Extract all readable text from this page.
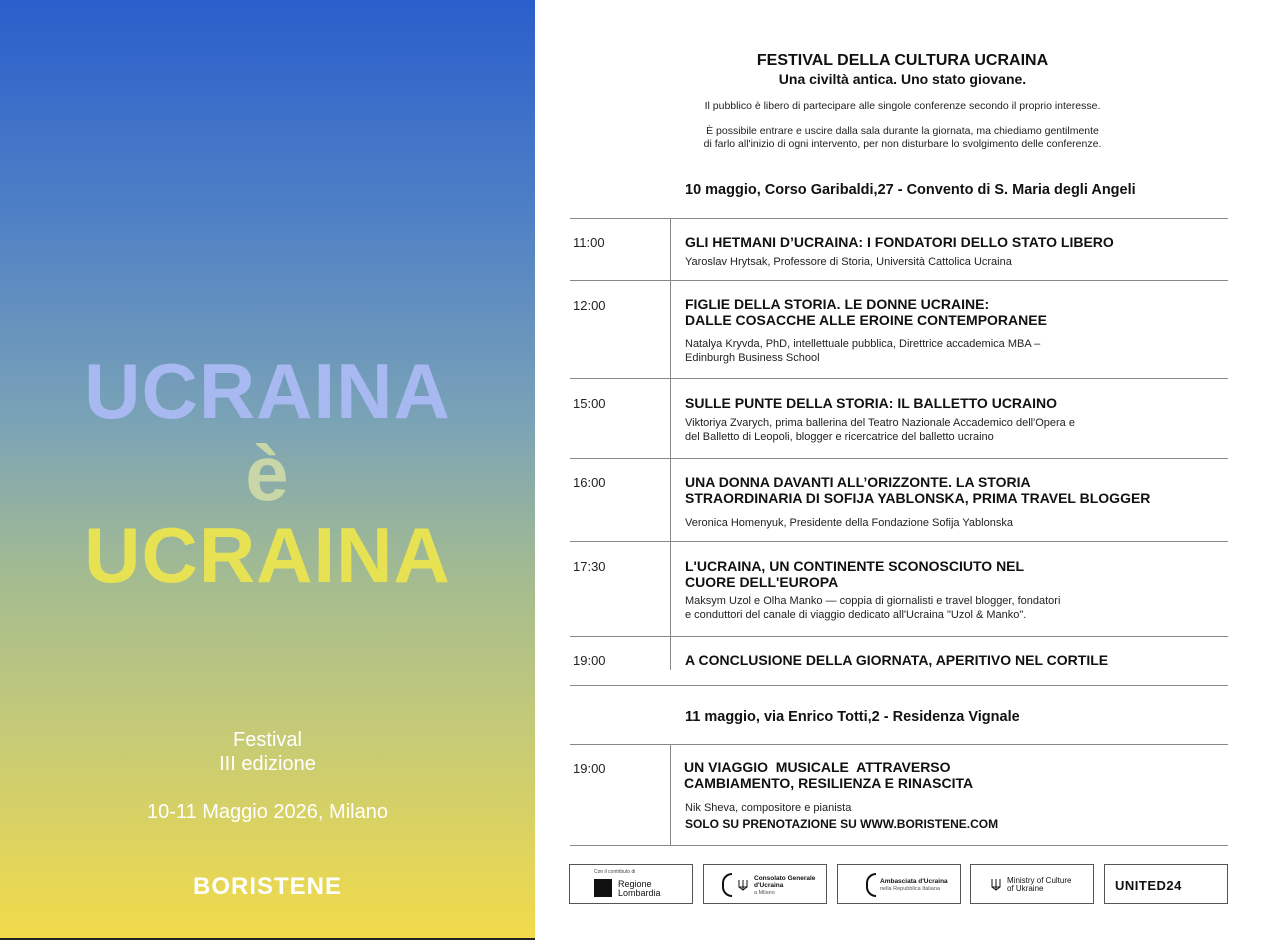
UCRAINA
è
UCRAINA
Festival
III edizione
10-11 Maggio 2026, Milano
BORISTENE
FESTIVAL DELLA CULTURA UCRAINA
Una civiltà antica. Uno stato giovane.
Il pubblico è libero di partecipare alle singole conferenze secondo il proprio interesse.
È possibile entrare e uscire dalla sala durante la giornata, ma chiediamo gentilmente
di farlo all'inizio di ogni intervento, per non disturbare lo svolgimento delle conferenze.
10 maggio, Corso Garibaldi,27 - Convento di S. Maria degli Angeli
11:00	GLI HETMANI D’UCRAINA: I FONDATORI DELLO STATO LIBERO
Yaroslav Hrytsak, Professore di Storia, Università Cattolica Ucraina
12:00	FIGLIE DELLA STORIA. LE DONNE UCRAINE:
DALLE COSACCHE ALLE EROINE CONTEMPORANEE
Natalya Kryvda, PhD, intellettuale pubblica, Direttrice accademica MBA –
Edinburgh Business School
15:00	SULLE PUNTE DELLA STORIA: IL BALLETTO UCRAINO
Viktoriya Zvarych, prima ballerina del Teatro Nazionale Accademico dell'Opera e
del Balletto di Leopoli, blogger e ricercatrice del balletto ucraino
16:00	UNA DONNA DAVANTI ALL’ORIZZONTE. LA STORIA
STRAORDINARIA DI SOFIJA YABLONSKA, PRIMA TRAVEL BLOGGER
Veronica Homenyuk, Presidente della Fondazione Sofija Yablonska
17:30	L'UCRAINA, UN CONTINENTE SCONOSCIUTO NEL
CUORE DELL'EUROPA
Maksym Uzol e Olha Manko — coppia di giornalisti e travel blogger, fondatori
e conduttori del canale di viaggio dedicato all'Ucraina "Uzol & Manko".
19:00	A CONCLUSIONE DELLA GIORNATA, APERITIVO NEL CORTILE
11 maggio, via Enrico Totti,2 - Residenza Vignale
19:00	UN VIAGGIO  MUSICALE  ATTRAVERSO
CAMBIAMENTO, RESILIENZA E RINASCITA
Nik Sheva, compositore e pianista
SOLO SU PRENOTAZIONE SU WWW.BORISTENE.COM
Con il contributo di
Regione
Lombardia
Consolato Generale
d'Ucraina
a Milano
Ambasciata d'Ucraina
nella Repubblica Italiana
Ministry of Culture
of Ukraine	UNITED24
